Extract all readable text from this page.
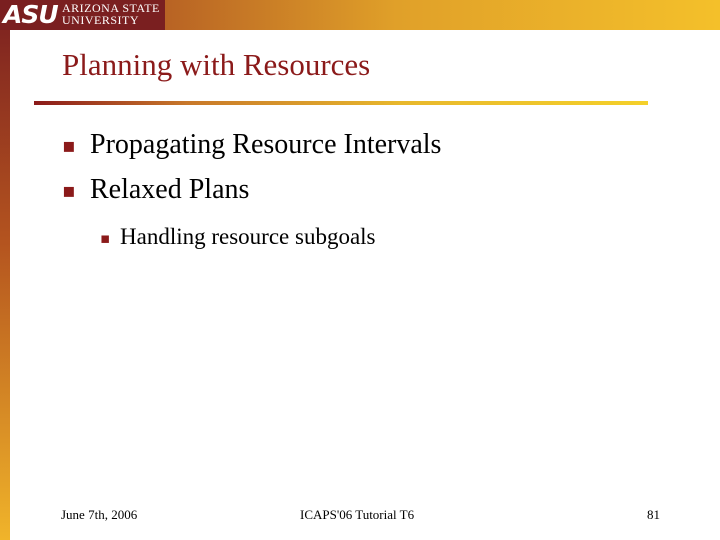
ASU ARIZONA STATE
UNIVERSITY
Planning with Resources
▪ Propagating Resource Intervals
▪ Relaxed Plans
▪ Handling resource subgoals
June 7th, 2006	ICAPS'06 Tutorial T6	81
